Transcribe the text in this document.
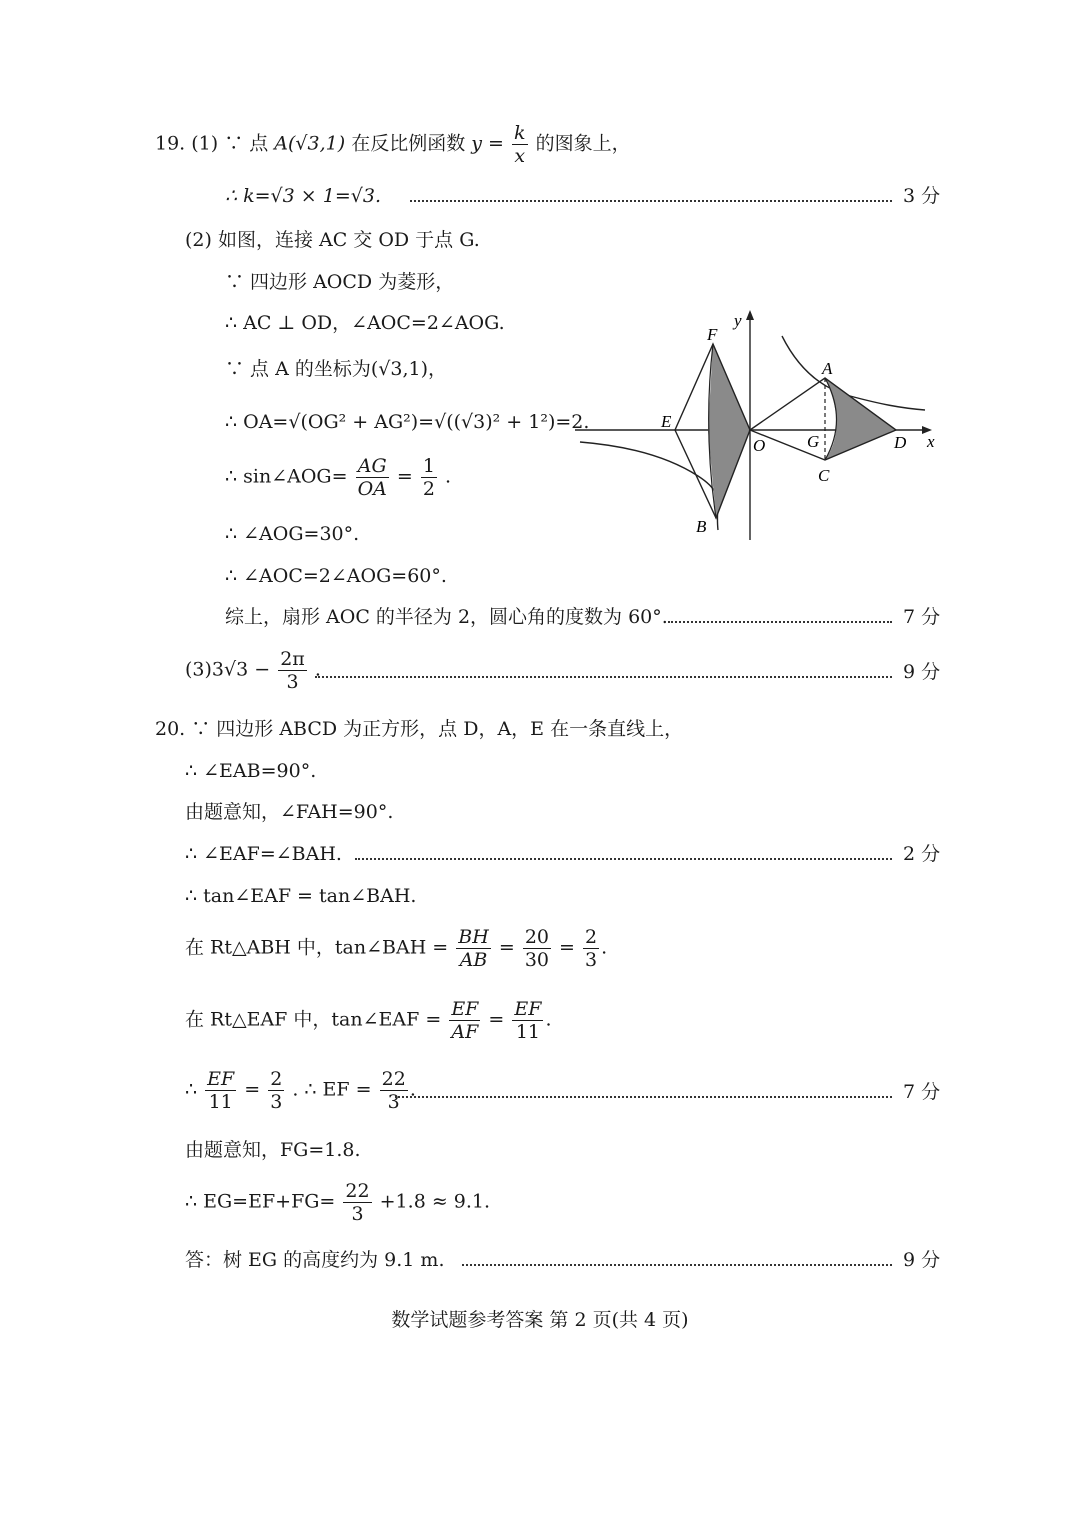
19. (1) ∵ 点 A(√3,1) 在反比例函数 $y = \frac{k}{x}$ 的图象上，
∴ k=√3 × 1=√3.	3 分
(2) 如图，连接 AC 交 OD 于点 G.
∵ 四边形 AOCD 为菱形，
∴ AC ⊥ OD，∠AOC=2∠AOG.
∵ 点 A 的坐标为(√3,1)，
∴ OA=√(OG² + AG²)=√((√3)² + 1²)=2.
∴ sin∠AOG= $\frac{AG}{OA} = \frac{1}{2}$ .
∴ ∠AOG=30°.
∴ ∠AOC=2∠AOG=60°.
综上，扇形 AOC 的半径为 2，圆心角的度数为 60°.	7 分
$(3)3√3 - \frac{2\pi}{3}$ .	9 分
F
E
B
y
x
O
A
G
C
D
20. ∵ 四边形 ABCD 为正方形，点 D，A，E 在一条直线上，
∴ ∠EAB=90°.
由题意知，∠FAH=90°.
∴ ∠EAF=∠BAH.	2 分
∴ tan∠EAF = tan∠BAH.
在 Rt△ABH 中，tan∠BAH = $\frac{BH}{AB} = \frac{20}{30} = \frac{2}{3}$ .
在 Rt△EAF 中，tan∠EAF = $\frac{EF}{AF} = \frac{EF}{11}$ .
∴ $\frac{EF}{11} = \frac{2}{3}$ . ∴ EF = $\frac{22}{3}$ .	7 分
由题意知，FG=1.8.
∴ $EG=EF+FG= \frac{22}{3} +1.8 \approx 9.1$.
答：树 EG 的高度约为 9.1 m.	9 分
数学试题参考答案 第 2 页(共 4 页)
